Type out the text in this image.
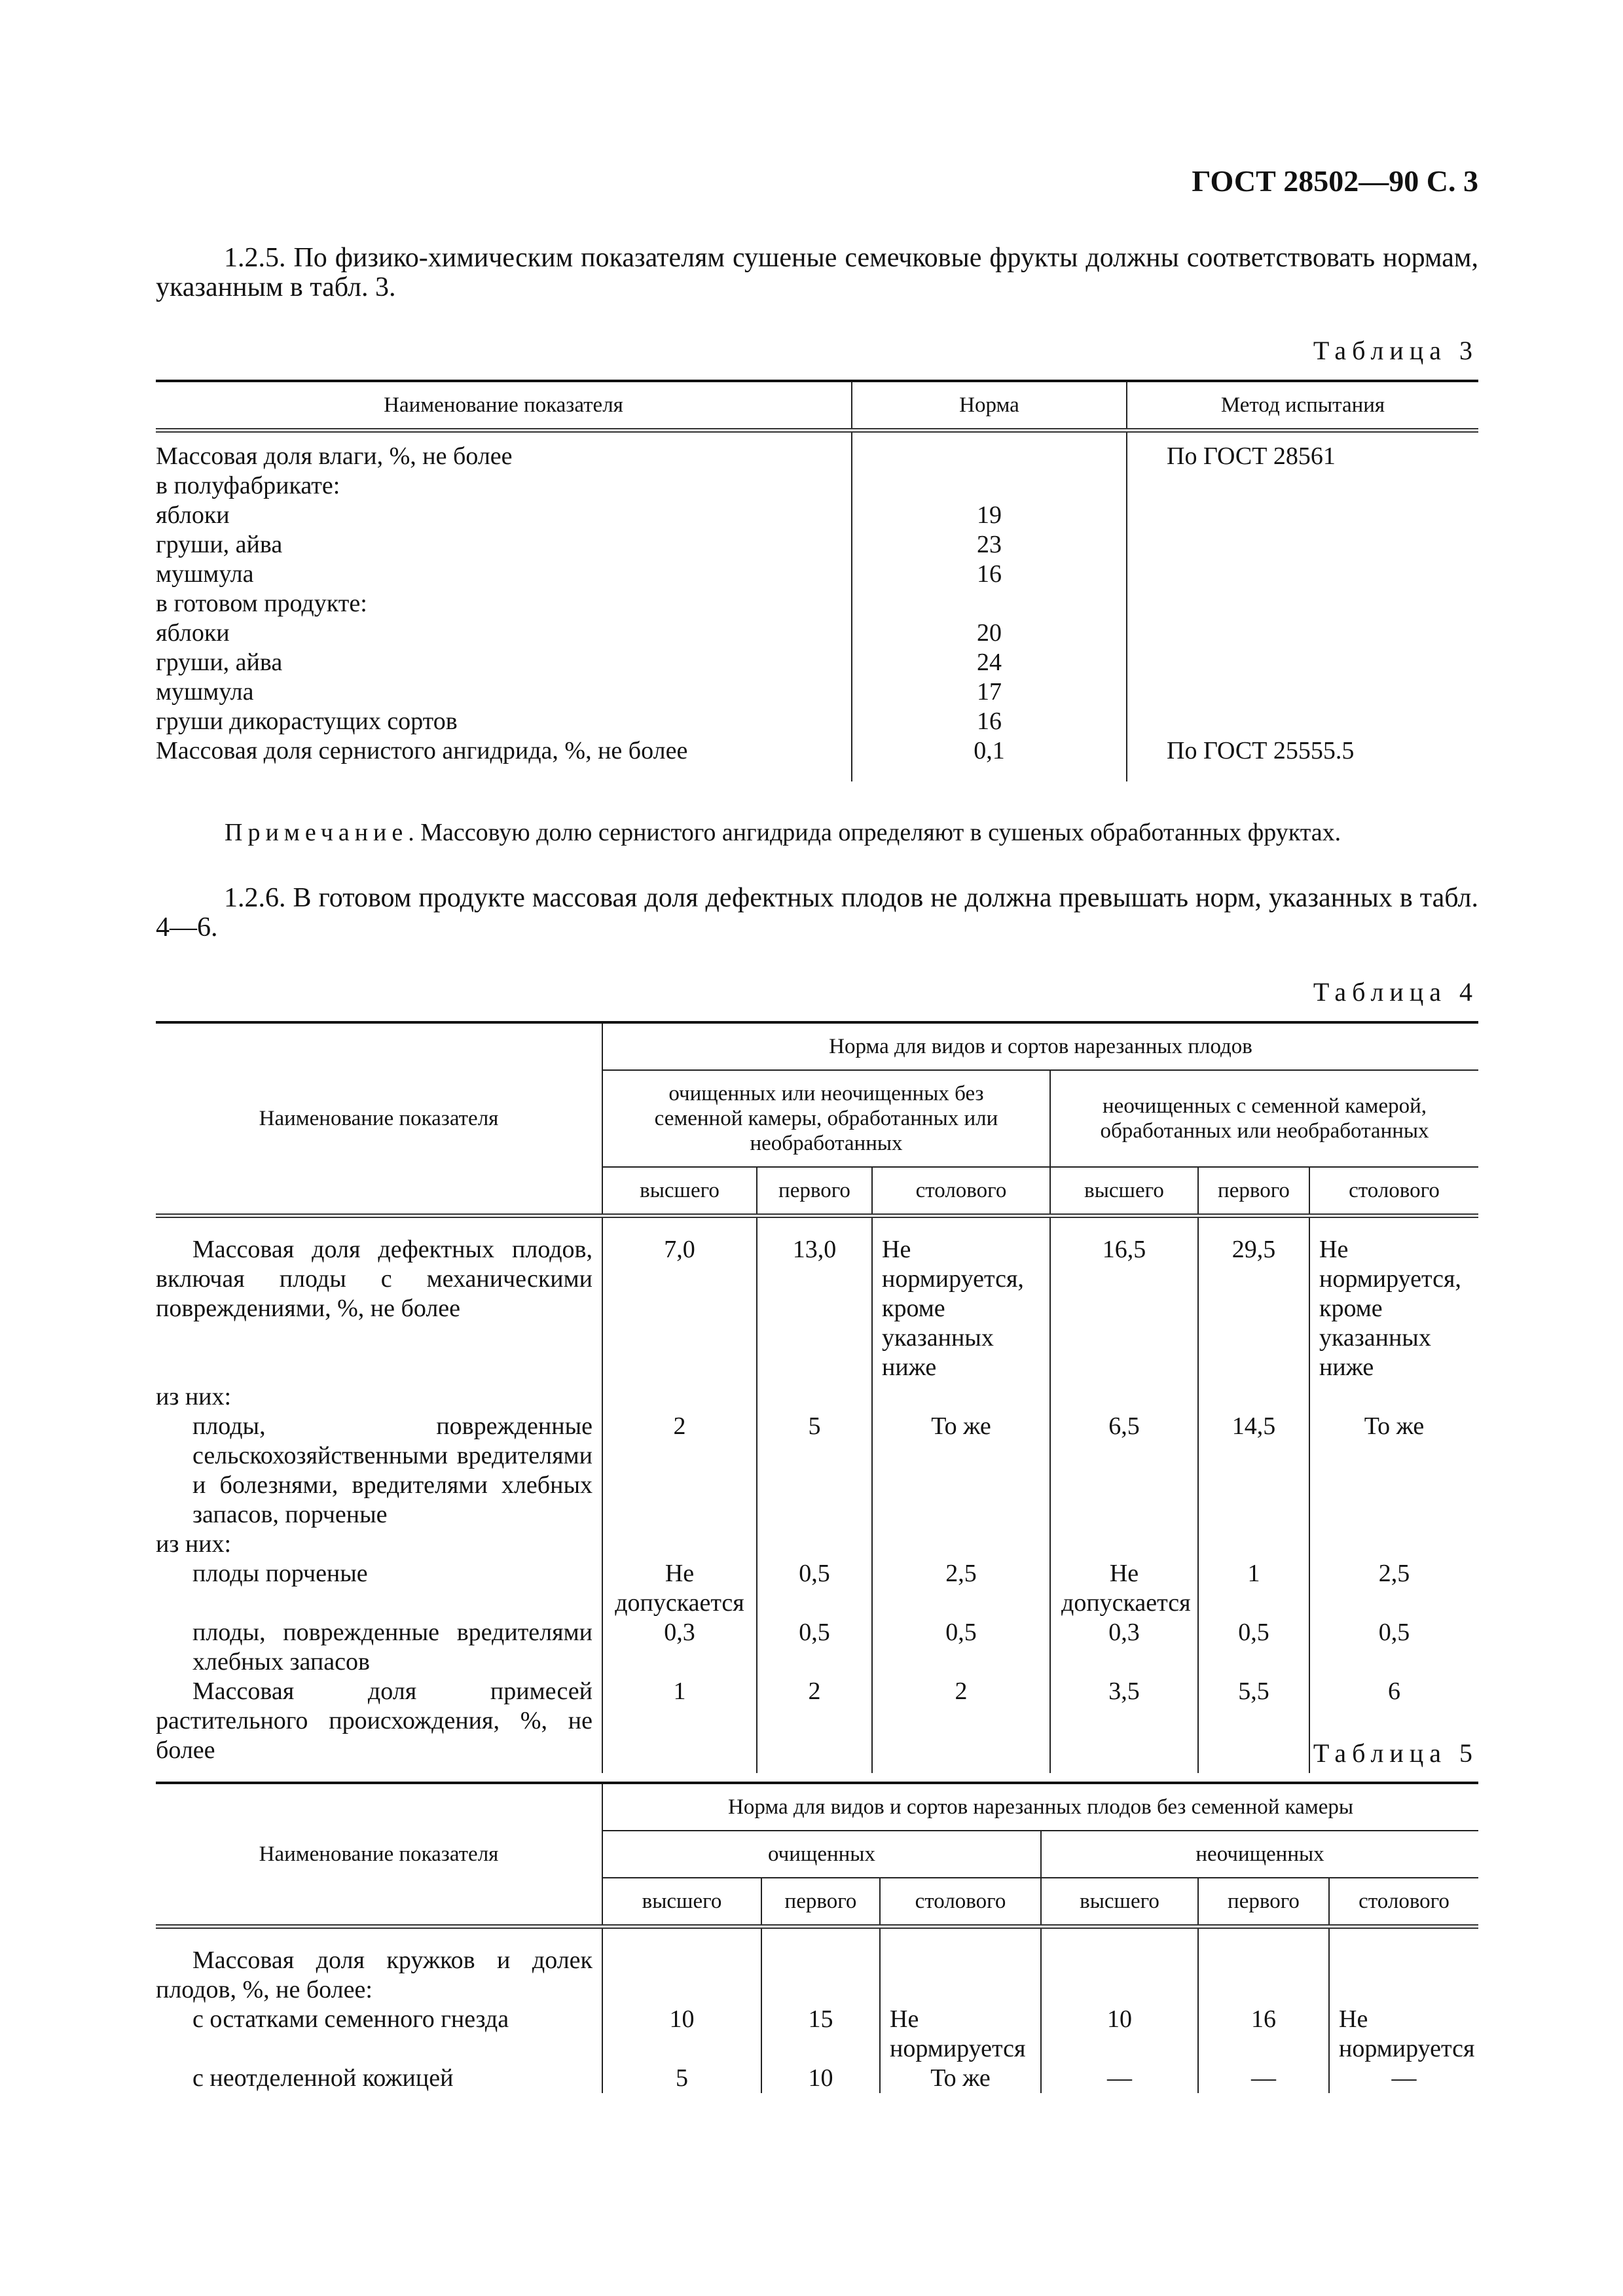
ГОСТ 28502—90 С. 3
1.2.5. По физико-химическим показателям сушеные семечковые фрукты должны соответствовать нормам, указанным в табл. 3.
Таблица 3
Наименование показателя	Норма	Метод испытания
Массовая доля влаги, %, не более		По ГОСТ 28561
в полуфабрикате:		
яблоки	19	
груши, айва	23	
мушмула	16	
в готовом продукте:		
яблоки	20	
груши, айва	24	
мушмула	17	
груши дикорастущих сортов	16	
Массовая доля сернистого ангидрида, %, не более	0,1	По ГОСТ 25555.5
Примечание. Массовую долю сернистого ангидрида определяют в сушеных обработанных фруктах.
1.2.6. В готовом продукте массовая доля дефектных плодов не должна превышать норм, указанных в табл. 4—6.
Таблица 4
Наименование показателя	Норма для видов и сортов нарезанных плодов					
	очищенных или неочищенных без семенной камеры, обработанных или необработанных			неочищенных с семенной камерой, обработанных или необработанных		
	высшего	первого	столового	высшего	первого	столового
Массовая доля дефектных плодов, включая плоды с механическими повреждениями, %, не более	7,0	13,0	Не нормируется, кроме указанных ниже	16,5	29,5	Не нормируется, кроме указанных ниже
из них:						
плоды, поврежденные сельскохозяйственными вредителями и болезнями, вредителями хлебных запасов, порченые	2	5	То же	6,5	14,5	То же
из них:						
плоды порченые	Не допускается	0,5	2,5	Не допускается	1	2,5
плоды, поврежденные вредителями хлебных запасов	0,3	0,5	0,5	0,3	0,5	0,5
Массовая доля примесей растительного происхождения, %, не более	1	2	2	3,5	5,5	6
Таблица 5
Наименование показателя	Норма для видов и сортов нарезанных плодов без семенной камеры					
	очищенных			неочищенных		
	высшего	первого	столового	высшего	первого	столового
Массовая доля кружков и долек плодов, %, не более:						
с остатками семенного гнезда	10	15	Не нормируется	10	16	Не нормируется
с неотделенной кожицей	5	10	То же	—	—	—
